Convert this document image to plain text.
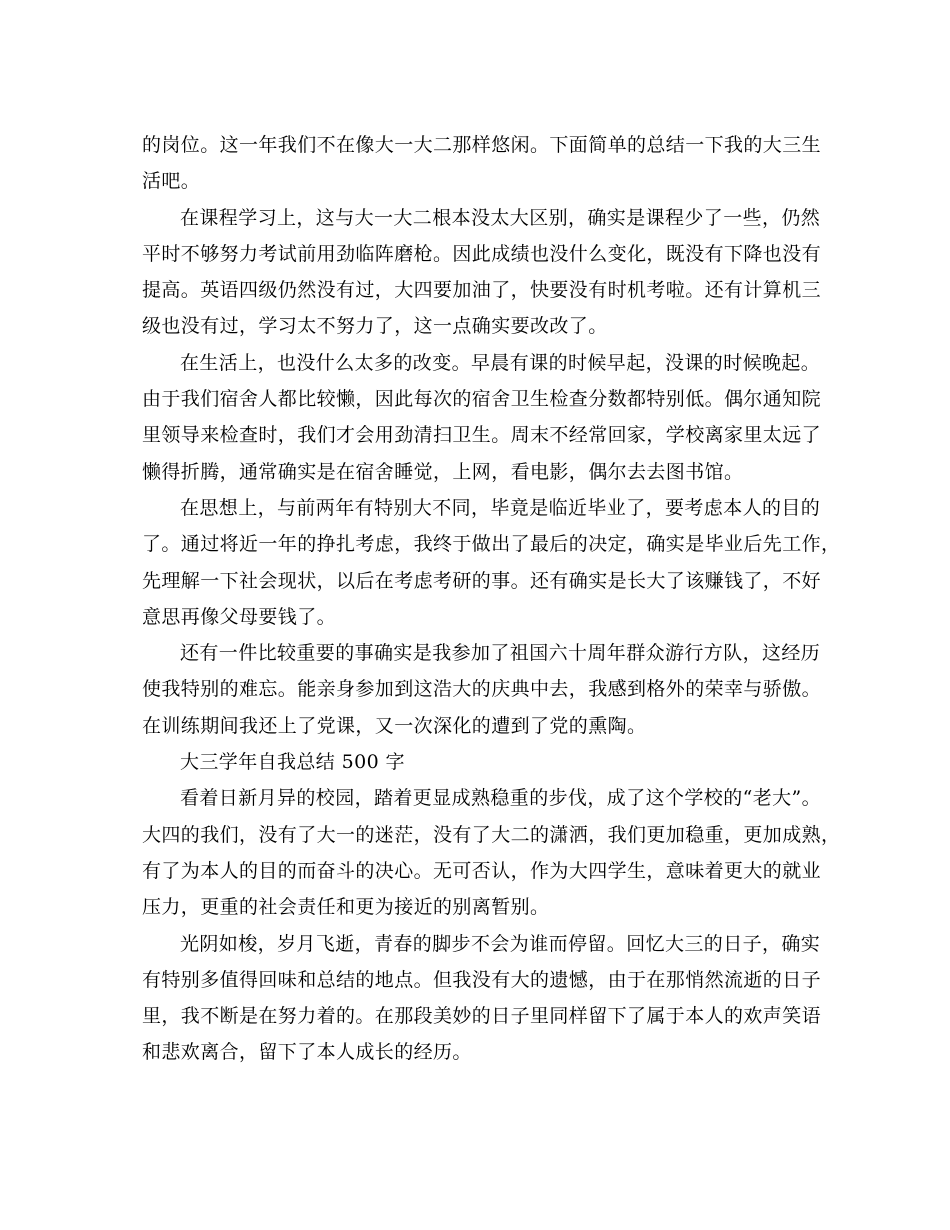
的岗位。这一年我们不在像大一大二那样悠闲。下面简单的总结一下我的大三生
活吧。
在课程学习上，这与大一大二根本没太大区别，确实是课程少了一些，仍然
平时不够努力考试前用劲临阵磨枪。因此成绩也没什么变化，既没有下降也没有
提高。英语四级仍然没有过，大四要加油了，快要没有时机考啦。还有计算机三
级也没有过，学习太不努力了，这一点确实要改改了。
在生活上，也没什么太多的改变。早晨有课的时候早起，没课的时候晚起。
由于我们宿舍人都比较懒，因此每次的宿舍卫生检查分数都特别低。偶尔通知院
里领导来检查时，我们才会用劲清扫卫生。周末不经常回家，学校离家里太远了
懒得折腾，通常确实是在宿舍睡觉，上网，看电影，偶尔去去图书馆。
在思想上，与前两年有特别大不同，毕竟是临近毕业了，要考虑本人的目的
了。通过将近一年的挣扎考虑，我终于做出了最后的决定，确实是毕业后先工作，
先理解一下社会现状，以后在考虑考研的事。还有确实是长大了该赚钱了，不好
意思再像父母要钱了。
还有一件比较重要的事确实是我参加了祖国六十周年群众游行方队，这经历
使我特别的难忘。能亲身参加到这浩大的庆典中去，我感到格外的荣幸与骄傲。
在训练期间我还上了党课，又一次深化的遭到了党的熏陶。
大三学年自我总结 500 字
看着日新月异的校园，踏着更显成熟稳重的步伐，成了这个学校的“老大”。
大四的我们，没有了大一的迷茫，没有了大二的潇洒，我们更加稳重，更加成熟，
有了为本人的目的而奋斗的决心。无可否认，作为大四学生，意味着更大的就业
压力，更重的社会责任和更为接近的别离暂别。
光阴如梭，岁月飞逝，青春的脚步不会为谁而停留。回忆大三的日子，确实
有特别多值得回味和总结的地点。但我没有大的遗憾，由于在那悄然流逝的日子
里，我不断是在努力着的。在那段美妙的日子里同样留下了属于本人的欢声笑语
和悲欢离合，留下了本人成长的经历。
